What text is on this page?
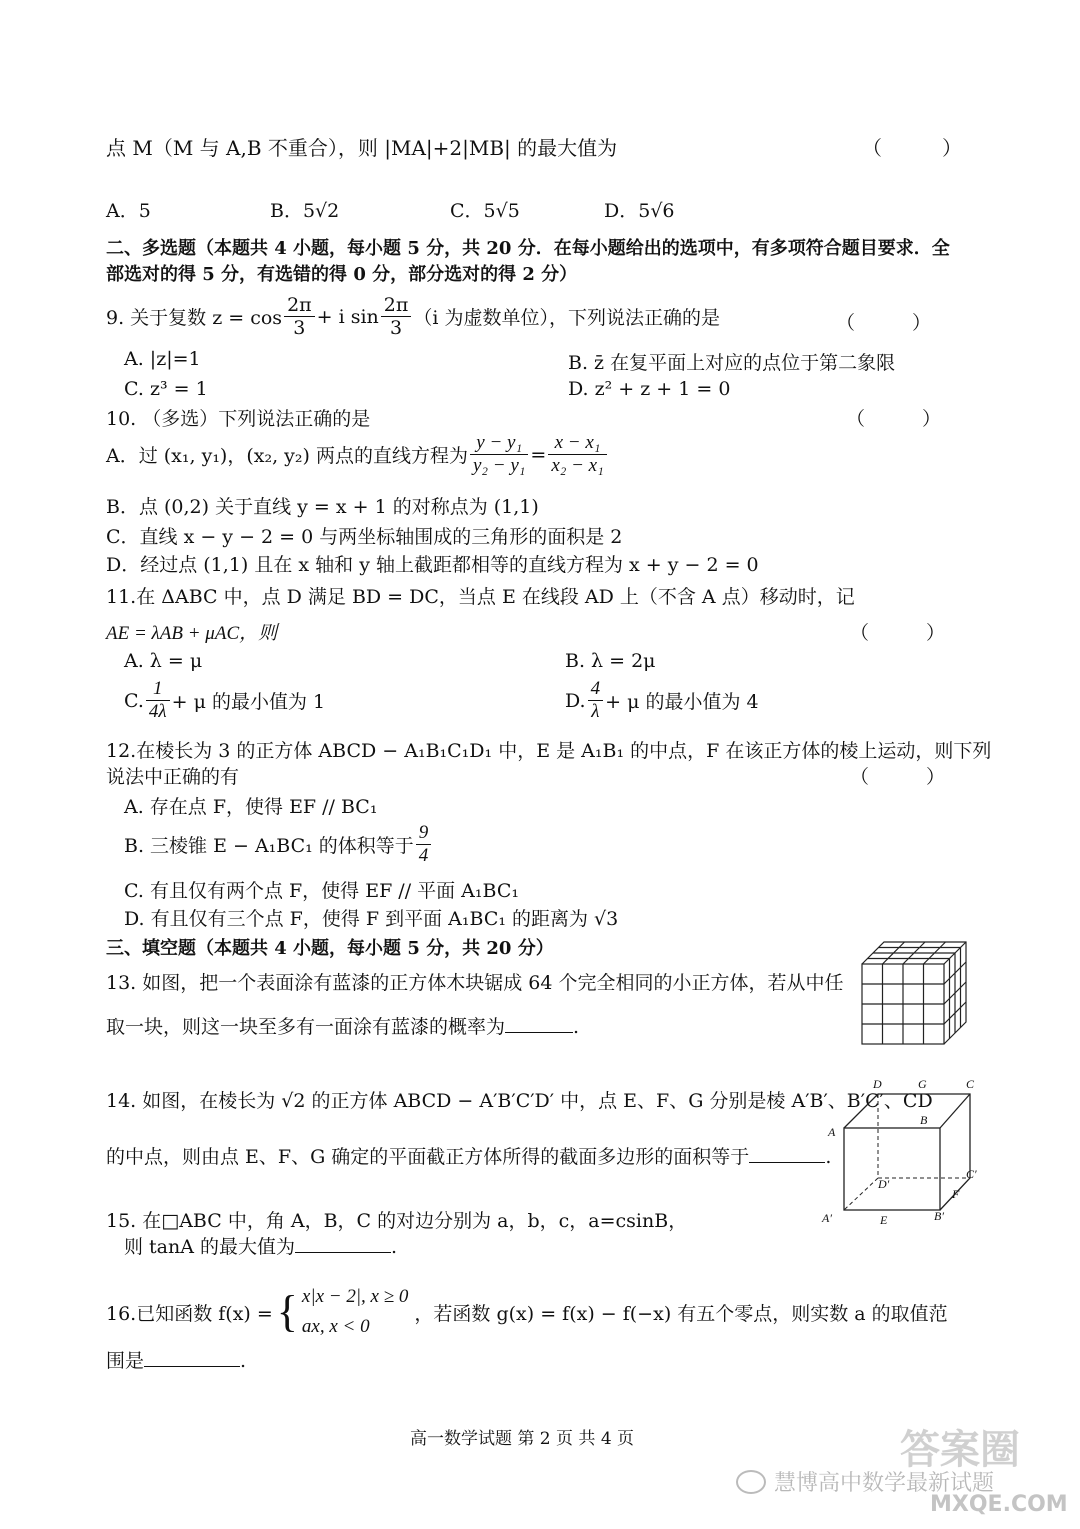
点 M（M 与 A,B 不重合），则 |MA|+2|MB| 的最大值为	（　　　）
A．5	B．5√2	C．5√5	D．5√6
二、多选题（本题共 4 小题，每小题 5 分，共 20 分．在每小题给出的选项中，有多项符合题目要求．全
部选对的得 5 分，有选错的得 0 分，部分选对的得 2 分）
9. 关于复数 $z = \cos \frac{2\pi}{3} + i$ $\sin \frac{2\pi}{3} (i$ 为虚数单位），下列说法正确的是	（　　　）
A. |z|=1	B. z̄ 在复平面上对应的点位于第二象限
C. z³ = 1	D. z² + z + 1 = 0
10. （多选）下列说法正确的是	（　　　）
A．过 (x₁, y₁)，(x₂, y₂) 两点的直线方程为 $\frac{\text{y − y₁}}{\text{y₂ − y₁}} = \frac{\text{x − x₁}}{\text{x₂ − x₁}}$
B．点 (0,2) 关于直线 y = x + 1 的对称点为 (1,1)
C．直线 x − y − 2 = 0 与两坐标轴围成的三角形的面积是 2
D．经过点 (1,1) 且在 x 轴和 y 轴上截距都相等的直线方程为 x + y − 2 = 0
11.在 ΔABC 中，点 D 满足 BD = DC，当点 E 在线段 AD 上（不含 A 点）移动时，记
AE = λAB + μAC，则	（　　　）
A. λ = μ	B. λ = 2μ
C. $\frac{1}{4\lambda} + \mu$ 的最小值为 1	D. $\frac{4}{\lambda} + \mu$ 的最小值为 4
12.在棱长为 3 的正方体 ABCD − A₁B₁C₁D₁ 中，E 是 A₁B₁ 的中点，F 在该正方体的棱上运动，则下列
说法中正确的有	（　　　）
A. 存在点 F，使得 EF // BC₁
B. 三棱锥 E − A₁BC₁ 的体积等于 $\frac{9}{4}$
C. 有且仅有两个点 F，使得 EF // 平面 A₁BC₁
D. 有且仅有三个点 F，使得 F 到平面 A₁BC₁ 的距离为 √3
三、填空题（本题共 4 小题，每小题 5 分，共 20 分）
13. 如图，把一个表面涂有蓝漆的正方体木块锯成 64 个完全相同的小正方体，若从中任
取一块，则这一块至多有一面涂有蓝漆的概率为	.
14. 如图，在棱长为 √2 的正方体 ABCD − A′B′C′D′ 中，点 E、F、G 分别是棱 A′B′、B′C′、CD
的中点，则由点 E、F、G 确定的平面截正方体所得的截面多边形的面积等于	.
D	G	C
B
A
D′
C′
F
A′	E	B′
15. 在□ABC 中，角 A，B，C 的对边分别为 a，b，c，a=csinB，
则 tanA 的最大值为	.
16.已知函数 f(x) = { x|x − 2|, x ≥ 0
ax, x < 0
，若函数 g(x) = f(x) − f(−x) 有五个零点，则实数 a 的取值范
围是	.
高一数学试题 第 2 页 共 4 页
慧博高中数学最新试题
答案圈
MXQE.COM
